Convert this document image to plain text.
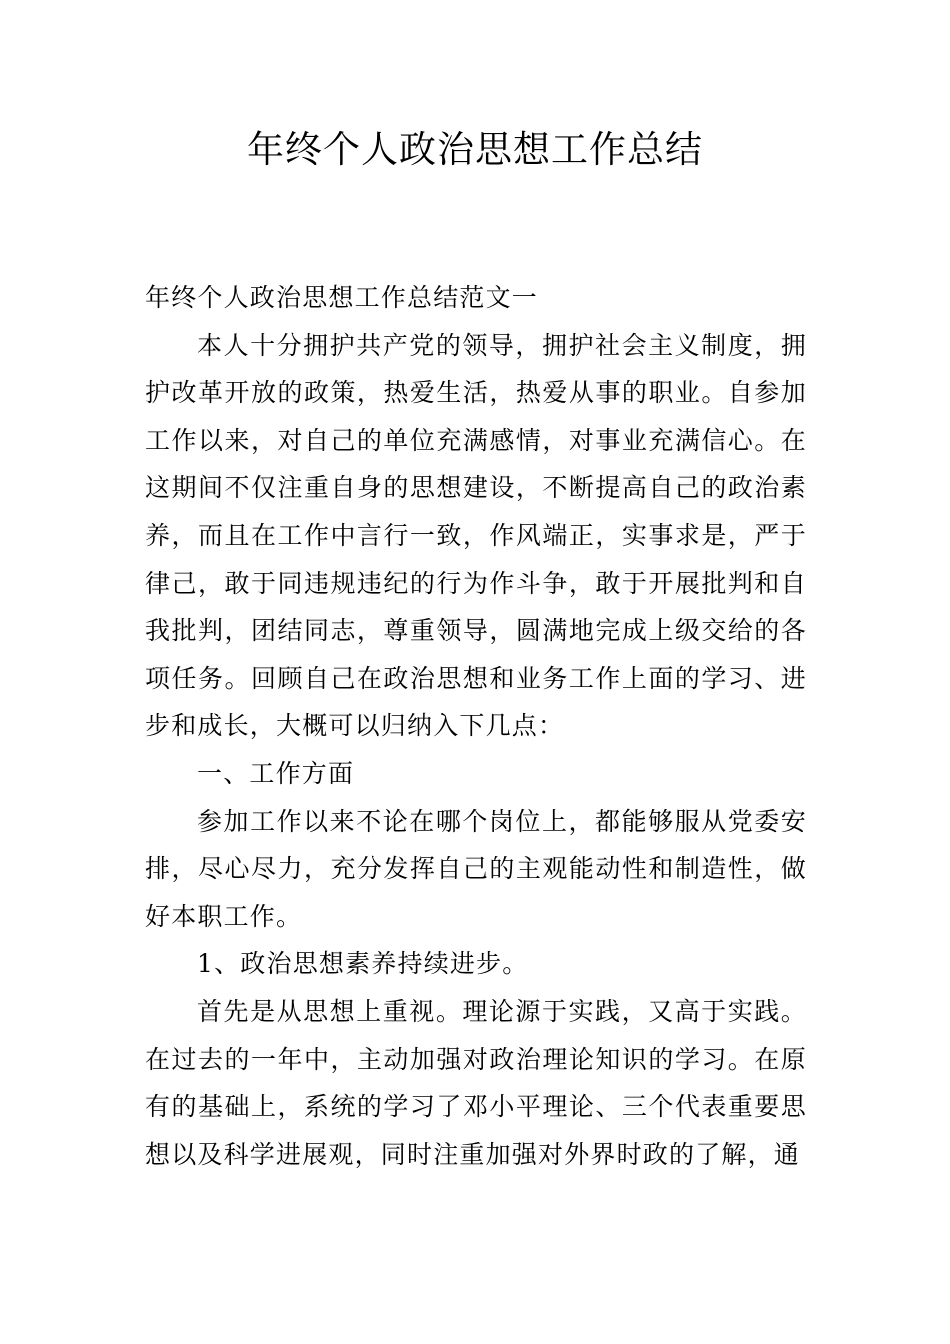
年终个人政治思想工作总结

年终个人政治思想工作总结范文一

本人十分拥护共产党的领导，拥护社会主义制度，拥护改革开放的政策，热爱生活，热爱从事的职业。自参加工作以来，对自己的单位充满感情，对事业充满信心。在这期间不仅注重自身的思想建设，不断提高自己的政治素养，而且在工作中言行一致，作风端正，实事求是，严于律己，敢于同违规违纪的行为作斗争，敢于开展批判和自我批判，团结同志，尊重领导，圆满地完成上级交给的各项任务。回顾自己在政治思想和业务工作上面的学习、进步和成长，大概可以归纳入下几点：

一、工作方面

参加工作以来不论在哪个岗位上，都能够服从党委安排，尽心尽力，充分发挥自己的主观能动性和制造性，做好本职工作。

1、政治思想素养持续进步。

首先是从思想上重视。理论源于实践，又高于实践。在过去的一年中，主动加强对政治理论知识的学习。在原有的基础上，系统的学习了邓小平理论、三个代表重要思想以及科学进展观，同时注重加强对外界时政的了解，通
